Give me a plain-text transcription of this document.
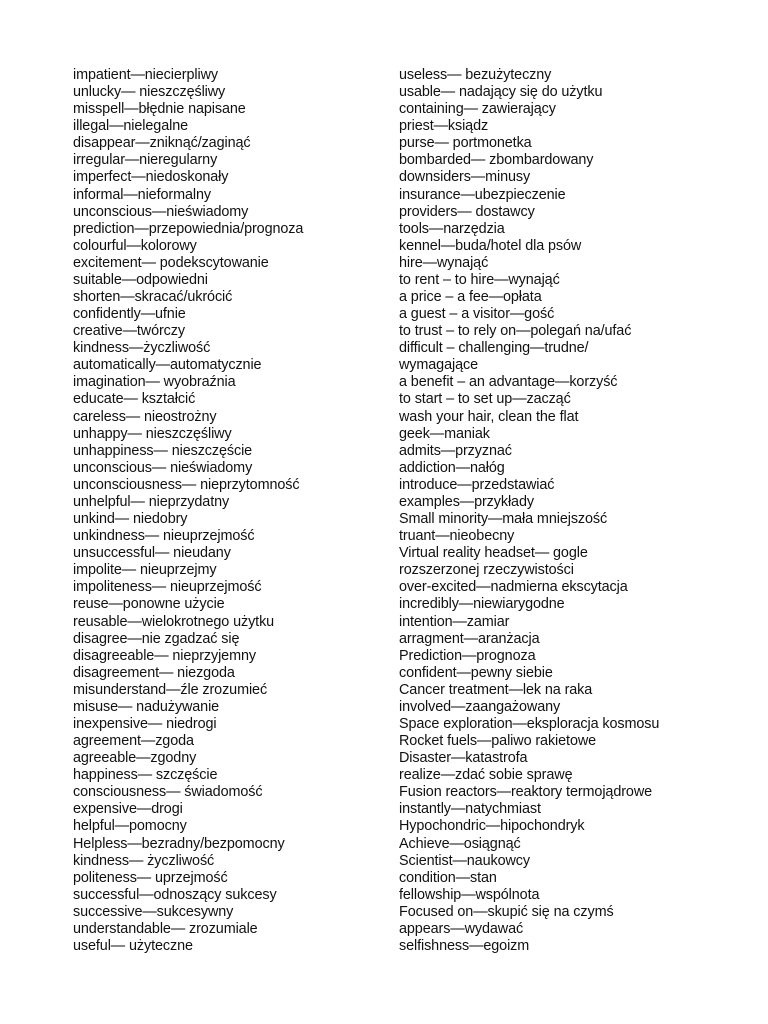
impatient—niecierpliwy
unlucky— nieszczęśliwy
misspell—błędnie napisane
illegal—nielegalne
disappear—zniknąć/zaginąć
irregular—nieregularny
imperfect—niedoskonały
informal—nieformalny
unconscious—nieświadomy
prediction—przepowiednia/prognoza
colourful—kolorowy
excitement— podekscytowanie
suitable—odpowiedni
shorten—skracać/ukrócić
confidently—ufnie
creative—twórczy
kindness—życzliwość
automatically—automatycznie
imagination— wyobraźnia
educate— kształcić
careless— nieostrożny
unhappy— nieszczęśliwy
unhappiness— nieszczęście
unconscious— nieświadomy
unconsciousness— nieprzytomność
unhelpful— nieprzydatny
unkind— niedobry
unkindness— nieuprzejmość
unsuccessful— nieudany
impolite— nieuprzejmy
impoliteness— nieuprzejmość
reuse—ponowne użycie
reusable—wielokrotnego użytku
disagree—nie zgadzać się
disagreeable— nieprzyjemny
disagreement— niezgoda
misunderstand—źle zrozumieć
misuse— nadużywanie
inexpensive— niedrogi
agreement—zgoda
agreeable—zgodny
happiness— szczęście
consciousness— świadomość
expensive—drogi
helpful—pomocny
Helpless—bezradny/bezpomocny
kindness— życzliwość
politeness— uprzejmość
successful—odnoszący sukcesy
successive—sukcesywny
understandable— zrozumiale
useful— użyteczne
useless— bezużyteczny
usable— nadający się do użytku
containing— zawierający
priest—ksiądz
purse— portmonetka
bombarded— zbombardowany
downsiders—minusy
insurance—ubezpieczenie
providers— dostawcy
tools—narzędzia
kennel—buda/hotel dla psów
hire—wynająć
to rent – to hire—wynająć
a price – a fee—opłata
a guest – a visitor—gość
to trust – to rely on—polegań na/ufać
difficult – challenging—trudne/
wymagające
a benefit – an advantage—korzyść
to start – to set up—zacząć
wash your hair, clean the flat
geek—maniak
admits—przyznać
addiction—nałóg
introduce—przedstawiać
examples—przykłady
Small minority—mała mniejszość
truant—nieobecny
Virtual reality headset— gogle
rozszerzonej rzeczywistości
over-excited—nadmierna ekscytacja
incredibly—niewiarygodne
intention—zamiar
arragment—aranżacja
Prediction—prognoza
confident—pewny siebie
Cancer treatment—lek na raka
involved—zaangażowany
Space exploration—eksploracja kosmosu
Rocket fuels—paliwo rakietowe
Disaster—katastrofa
realize—zdać sobie sprawę
Fusion reactors—reaktory termojądrowe
instantly—natychmiast
Hypochondric—hipochondryk
Achieve—osiągnąć
Scientist—naukowcy
condition—stan
fellowship—wspólnota
Focused on—skupić się na czymś
appears—wydawać
selfishness—egoizm
